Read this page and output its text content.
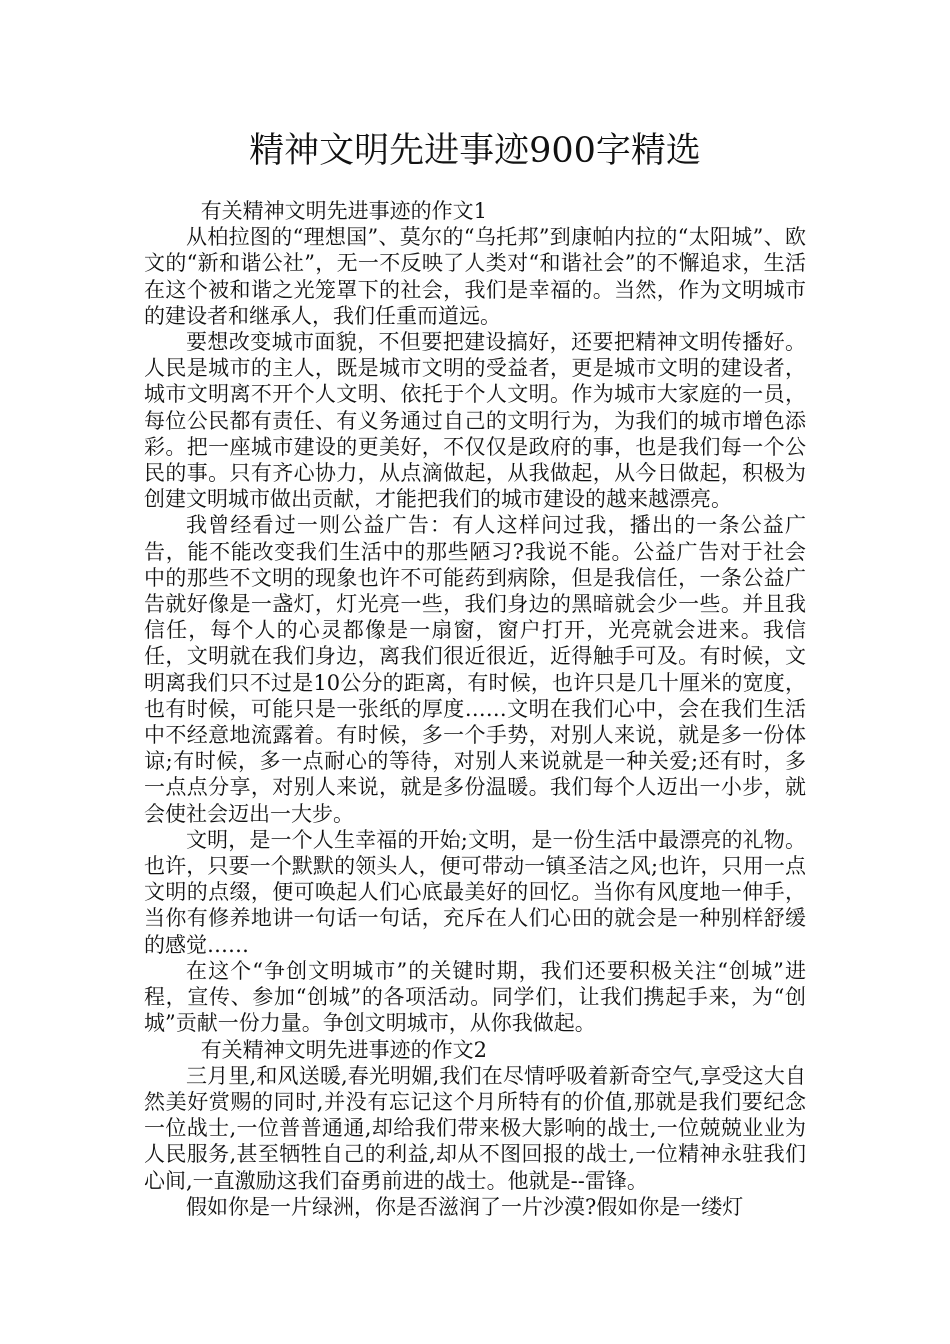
精神文明先进事迹900字精选

有关精神文明先进事迹的作文1

从柏拉图的“理想国”、莫尔的“乌托邦”到康帕内拉的“太阳城”、欧文的“新和谐公社”，无一不反映了人类对“和谐社会”的不懈追求，生活在这个被和谐之光笼罩下的社会，我们是幸福的。当然，作为文明城市的建设者和继承人，我们任重而道远。

要想改变城市面貌，不但要把建设搞好，还要把精神文明传播好。人民是城市的主人，既是城市文明的受益者，更是城市文明的建设者，城市文明离不开个人文明、依托于个人文明。作为城市大家庭的一员，每位公民都有责任、有义务通过自己的文明行为，为我们的城市增色添彩。把一座城市建设的更美好，不仅仅是政府的事，也是我们每一个公民的事。只有齐心协力，从点滴做起，从我做起，从今日做起，积极为创建文明城市做出贡献，才能把我们的城市建设的越来越漂亮。

我曾经看过一则公益广告：有人这样问过我，播出的一条公益广告，能不能改变我们生活中的那些陋习?我说不能。公益广告对于社会中的那些不文明的现象也许不可能药到病除，但是我信任，一条公益广告就好像是一盏灯，灯光亮一些，我们身边的黑暗就会少一些。并且我信任，每个人的心灵都像是一扇窗，窗户打开，光亮就会进来。我信任，文明就在我们身边，离我们很近很近，近得触手可及。有时候，文明离我们只不过是10公分的距离，有时候，也许只是几十厘米的宽度，也有时候，可能只是一张纸的厚度……文明在我们心中，会在我们生活中不经意地流露着。有时候，多一个手势，对别人来说，就是多一份体谅;有时候，多一点耐心的等待，对别人来说就是一种关爱;还有时，多一点点分享，对别人来说，就是多份温暖。我们每个人迈出一小步，就会使社会迈出一大步。

文明，是一个人生幸福的开始;文明，是一份生活中最漂亮的礼物。也许，只要一个默默的领头人，便可带动一镇圣洁之风;也许，只用一点文明的点缀，便可唤起人们心底最美好的回忆。当你有风度地一伸手，当你有修养地讲一句话一句话，充斥在人们心田的就会是一种别样舒缓的感觉……

在这个“争创文明城市”的关键时期，我们还要积极关注“创城”进程，宣传、参加“创城”的各项活动。同学们，让我们携起手来，为“创城”贡献一份力量。争创文明城市，从你我做起。

有关精神文明先进事迹的作文2

三月里,和风送暖,春光明媚,我们在尽情呼吸着新奇空气,享受这大自然美好赏赐的同时,并没有忘记这个月所特有的价值,那就是我们要纪念一位战士,一位普普通通,却给我们带来极大影响的战士,一位兢兢业业为人民服务,甚至牺牲自己的利益,却从不图回报的战士,一位精神永驻我们心间,一直激励这我们奋勇前进的战士。他就是--雷锋。

假如你是一片绿洲，你是否滋润了一片沙漠?假如你是一缕灯
